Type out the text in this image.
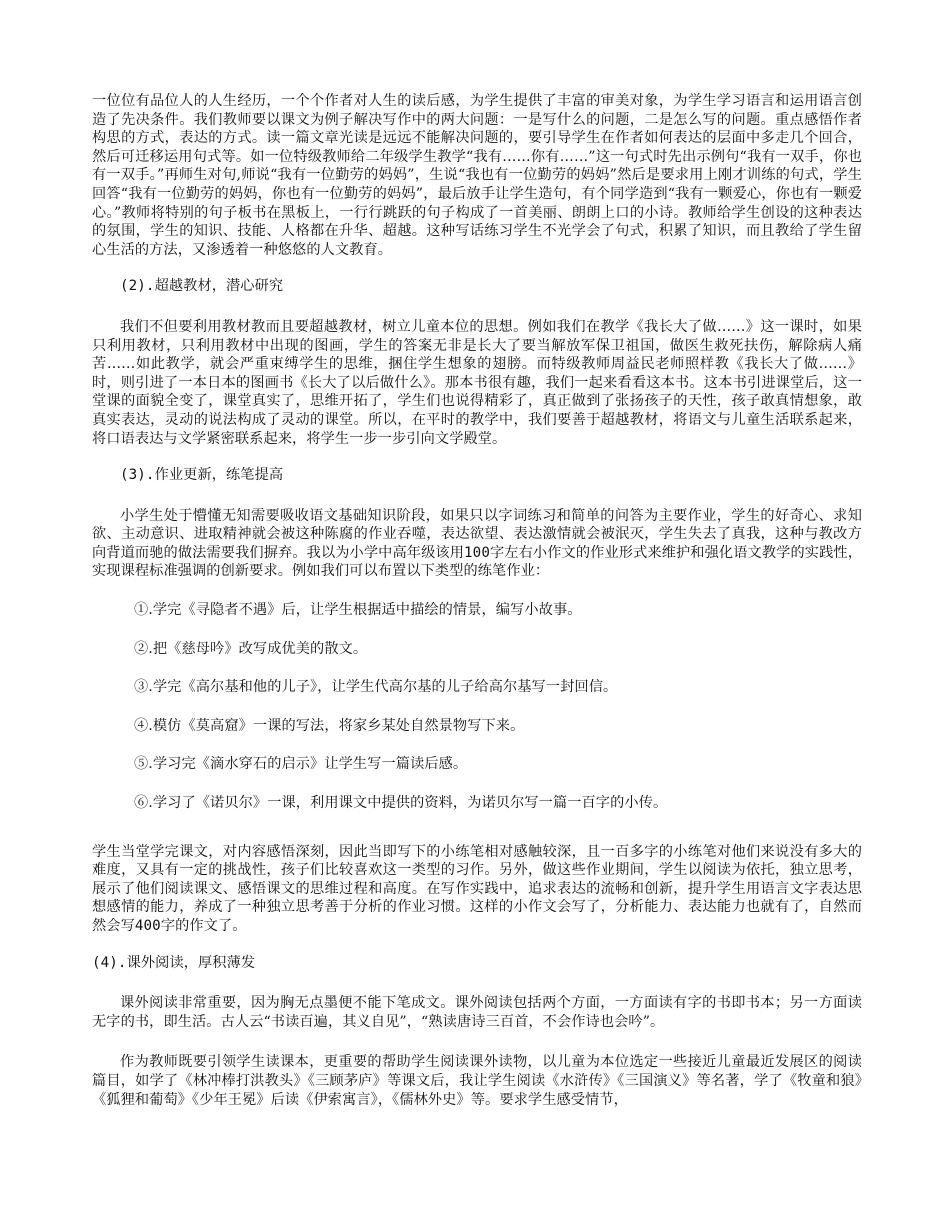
一位位有品位人的人生经历，一个个作者对人生的读后感，为学生提供了丰富的审美对象，为学生学习语言和运用语言创造了先决条件。我们教师要以课文为例子解决写作中的两大问题：一是写什么的问题，二是怎么写的问题。重点感悟作者构思的方式，表达的方式。读一篇文章光读是远远不能解决问题的，要引导学生在作者如何表达的层面中多走几个回合，然后可迁移运用句式等。如一位特级教师给二年级学生教学“我有……你有……”这一句式时先出示例句“我有一双手，你也有一双手。”再师生对句,师说“我有一位勤劳的妈妈”，生说“我也有一位勤劳的妈妈”然后是要求用上刚才训练的句式，学生回答“我有一位勤劳的妈妈，你也有一位勤劳的妈妈”，最后放手让学生造句，有个同学造到“我有一颗爱心，你也有一颗爱心。”教师将特别的句子板书在黑板上，一行行跳跃的句子构成了一首美丽、朗朗上口的小诗。教师给学生创设的这种表达的氛围，学生的知识、技能、人格都在升华、超越。这种写话练习学生不光学会了句式，积累了知识，而且教给了学生留心生活的方法，又渗透着一种悠悠的人文教育。

(2).超越教材，潜心研究

我们不但要利用教材教而且要超越教材，树立儿童本位的思想。例如我们在教学《我长大了做……》这一课时，如果只利用教材，只利用教材中出现的图画，学生的答案无非是长大了要当解放军保卫祖国，做医生救死扶伤，解除病人痛苦……如此教学，就会严重束缚学生的思维，捆住学生想象的翅膀。而特级教师周益民老师照样教《我长大了做……》时，则引进了一本日本的图画书《长大了以后做什么》。那本书很有趣，我们一起来看看这本书。这本书引进课堂后，这一堂课的面貌全变了，课堂真实了，思维开拓了，学生们也说得精彩了，真正做到了张扬孩子的天性，孩子敢真情想象，敢真实表达，灵动的说法构成了灵动的课堂。所以，在平时的教学中，我们要善于超越教材，将语文与儿童生活联系起来，将口语表达与文学紧密联系起来，将学生一步一步引向文学殿堂。

(3).作业更新，练笔提高

小学生处于懵懂无知需要吸收语文基础知识阶段，如果只以字词练习和简单的问答为主要作业，学生的好奇心、求知欲、主动意识、进取精神就会被这种陈腐的作业吞噬，表达欲望、表达激情就会被泯灭，学生失去了真我，这种与教改方向背道而驰的做法需要我们摒弃。我以为小学中高年级该用100字左右小作文的作业形式来维护和强化语文教学的实践性，实现课程标准强调的创新要求。例如我们可以布置以下类型的练笔作业：

①.学完《寻隐者不遇》后，让学生根据适中描绘的情景，编写小故事。

②.把《慈母吟》改写成优美的散文。

③.学完《高尔基和他的儿子》，让学生代高尔基的儿子给高尔基写一封回信。

④.模仿《莫高窟》一课的写法，将家乡某处自然景物写下来。

⑤.学习完《滴水穿石的启示》让学生写一篇读后感。

⑥.学习了《诺贝尔》一课，利用课文中提供的资料，为诺贝尔写一篇一百字的小传。

学生当堂学完课文，对内容感悟深刻，因此当即写下的小练笔相对感触较深，且一百多字的小练笔对他们来说没有多大的难度，又具有一定的挑战性，孩子们比较喜欢这一类型的习作。另外，做这些作业期间，学生以阅读为依托，独立思考，展示了他们阅读课文、感悟课文的思维过程和高度。在写作实践中，追求表达的流畅和创新，提升学生用语言文字表达思想感情的能力，养成了一种独立思考善于分析的作业习惯。这样的小作文会写了，分析能力、表达能力也就有了，自然而然会写400字的作文了。

(4).课外阅读，厚积薄发

课外阅读非常重要，因为胸无点墨便不能下笔成文。课外阅读包括两个方面，一方面读有字的书即书本；另一方面读无字的书，即生活。古人云“书读百遍，其义自见”，“熟读唐诗三百首，不会作诗也会吟”。

作为教师既要引领学生读课本，更重要的帮助学生阅读课外读物，以儿童为本位选定一些接近儿童最近发展区的阅读篇目，如学了《林冲棒打洪教头》《三顾茅庐》等课文后，我让学生阅读《水浒传》《三国演义》等名著，学了《牧童和狼》《狐狸和葡萄》《少年王冕》后读《伊索寓言》，《儒林外史》等。要求学生感受情节，
